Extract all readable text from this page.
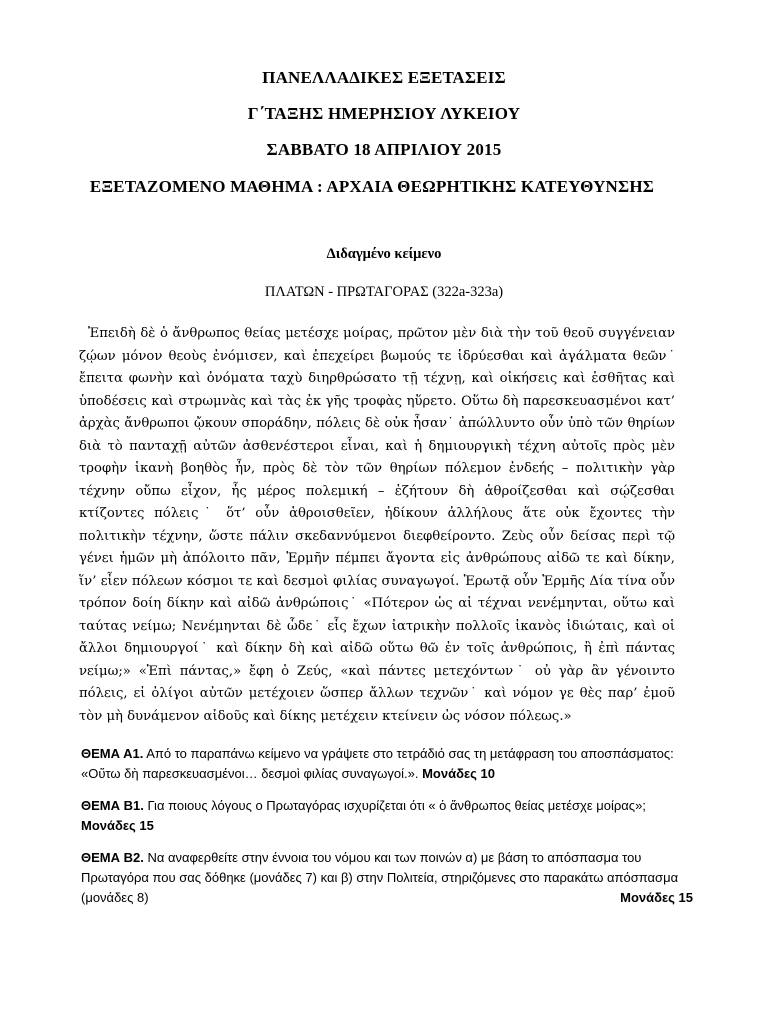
ΠΑΝΕΛΛΑΔΙΚΕΣ ΕΞΕΤΑΣΕΙΣ
Γ΄ΤΑΞΗΣ ΗΜΕΡΗΣΙΟΥ ΛΥΚΕΙΟΥ
ΣΑΒΒΑΤΟ 18 ΑΠΡΙΛΙΟΥ 2015
ΕΞΕΤΑΖΟΜΕΝΟ ΜΑΘΗΜΑ : ΑΡΧΑΙΑ ΘΕΩΡΗΤΙΚΗΣ ΚΑΤΕΥΘΥΝΣΗΣ
Διδαγμένο κείμενο
ΠΛΑΤΩΝ - ΠΡΩΤΑΓΟΡΑΣ (322a-323a)

Ἐπειδὴ δὲ ὁ ἄνθρωπος θείας μετέσχε μοίρας, πρῶτον μὲν διὰ τὴν τοῦ θεοῦ συγγένειαν ζῴων μόνον θεοὺς ἐνόμισεν, καὶ ἐπεχείρει βωμούς τε ἱδρύεσθαι καὶ ἀγάλματα θεῶν˙ ἔπειτα φωνὴν καὶ ὀνόματα ταχὺ διηρθρώσατο τῇ τέχνῃ, καὶ οἰκήσεις καὶ ἐσθῆτας καὶ ὑποδέσεις καὶ στρωμνὰς καὶ τὰς ἐκ γῆς τροφὰς ηὕρετο. Οὕτω δὴ παρεσκευασμένοι κατ’ ἀρχὰς ἄνθρωποι ᾤκουν σποράδην, πόλεις δὲ οὐκ ἦσαν˙ ἀπώλλυντο οὖν ὑπὸ τῶν θηρίων διὰ τὸ πανταχῇ αὐτῶν ἀσθενέστεροι εἶναι, καὶ ἡ δημιουργικὴ τέχνη αὐτοῖς πρὸς μὲν τροφὴν ἱκανὴ βοηθὸς ἦν, πρὸς δὲ τὸν τῶν θηρίων πόλεμον ἐνδεής – πολιτικὴν γὰρ τέχνην οὔπω εἶχον, ἧς μέρος πολεμική – ἐζήτουν δὴ ἁθροίζεσθαι καὶ σῴζεσθαι κτίζοντες πόλεις˙ ὅτ’ οὖν ἁθροισθεῖεν, ἠδίκουν ἀλλήλους ἅτε οὐκ ἔχοντες τὴν πολιτικὴν τέχνην, ὥστε πάλιν σκεδαννύμενοι διεφθείροντο. Ζεὺς οὖν δείσας περὶ τῷ γένει ἡμῶν μὴ ἀπόλοιτο πᾶν, Ἑρμῆν πέμπει ἄγοντα εἰς ἀνθρώπους αἰδῶ τε καὶ δίκην, ἵν’ εἶεν πόλεων κόσμοι τε καὶ δεσμοὶ φιλίας συναγωγοί. Ἐρωτᾷ οὖν Ἑρμῆς Δία τίνα οὖν τρόπον δοίη δίκην καὶ αἰδῶ ἀνθρώποις˙ «Πότερον ὡς αἱ τέχναι νενέμηνται, οὕτω καὶ ταύτας νείμω; Νενέμηνται δὲ ὧδε˙ εἷς ἔχων ἰατρικὴν πολλοῖς ἱκανὸς ἰδιώταις, καὶ οἱ ἄλλοι δημιουργοί˙ καὶ δίκην δὴ καὶ αἰδῶ οὕτω θῶ ἐν τοῖς ἀνθρώποις, ἢ ἐπὶ πάντας νείμω;» «Ἐπὶ πάντας,» ἔφη ὁ Ζεύς, «καὶ πάντες μετεχόντων˙ οὐ γὰρ ἂν γένοιντο πόλεις, εἰ ὀλίγοι αὐτῶν μετέχοιεν ὥσπερ ἄλλων τεχνῶν˙ καὶ νόμον γε θὲς παρ’ ἐμοῦ τὸν μὴ δυνάμενον αἰδοῦς καὶ δίκης μετέχειν κτείνειν ὡς νόσον πόλεως.»

ΘΕΜΑ Α1. Από το παραπάνω κείμενο να γράψετε στο τετράδιό σας τη μετάφραση του αποσπάσματος: «Οὕτω δὴ παρεσκευασμένοι… δεσμοὶ φιλίας συναγωγοί.». Μονάδες 10

ΘΕΜΑ Β1. Για ποιους λόγους ο Πρωταγόρας ισχυρίζεται ότι « ὁ ἄνθρωπος θείας μετέσχε μοίρας»;
Μονάδες 15

ΘΕΜΑ Β2. Να αναφερθείτε στην έννοια του νόμου και των ποινών α) με βάση το απόσπασμα του Πρωταγόρα που σας δόθηκε (μονάδες 7) και β) στην Πολιτεία, στηριζόμενες στο παρακάτω απόσπασμα (μονάδες 8)	Μονάδες 15
